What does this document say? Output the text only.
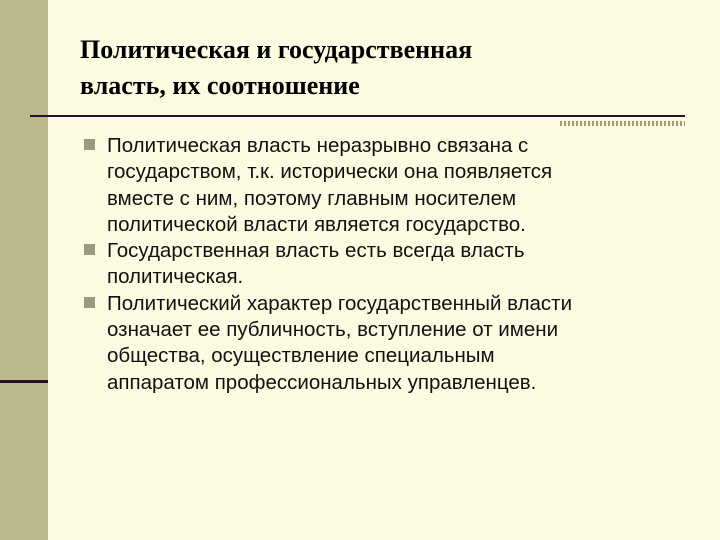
Политическая и государственная
власть, их соотношение
Политическая власть неразрывно связана с
государством, т.к. исторически она появляется
вместе с ним, поэтому главным носителем
политической власти является государство.
Государственная власть есть всегда власть
политическая.
Политический характер государственный власти
означает ее публичность, вступление от имени
общества, осуществление специальным
аппаратом профессиональных управленцев.
